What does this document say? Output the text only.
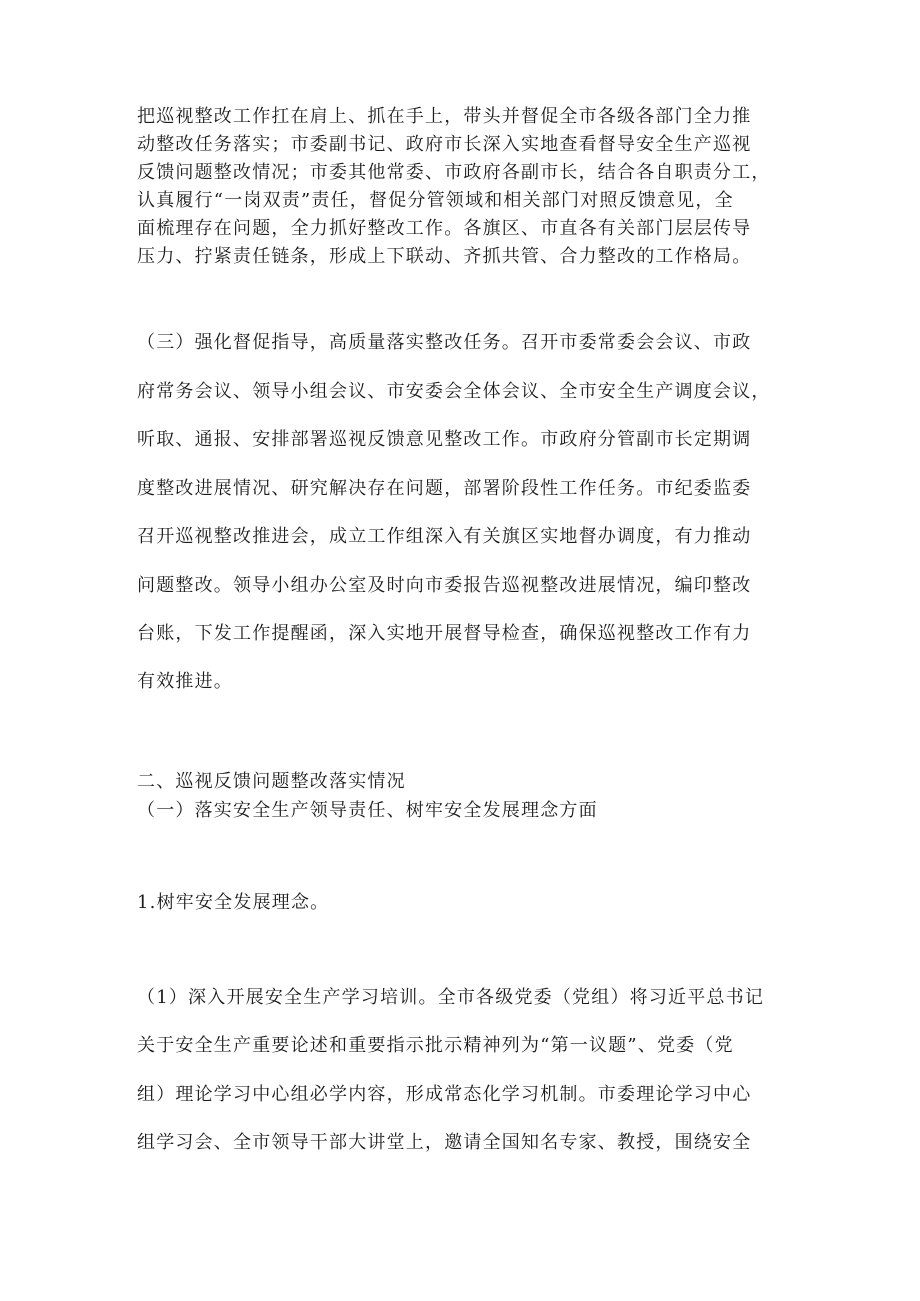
把巡视整改工作扛在肩上、抓在手上，带头并督促全市各级各部门全力推
动整改任务落实；市委副书记、政府市长深入实地查看督导安全生产巡视
反馈问题整改情况；市委其他常委、市政府各副市长，结合各自职责分工，
认真履行“一岗双责”责任，督促分管领域和相关部门对照反馈意见，全
面梳理存在问题，全力抓好整改工作。各旗区、市直各有关部门层层传导
压力、拧紧责任链条，形成上下联动、齐抓共管、合力整改的工作格局。
（三）强化督促指导，高质量落实整改任务。召开市委常委会会议、市政
府常务会议、领导小组会议、市安委会全体会议、全市安全生产调度会议，
听取、通报、安排部署巡视反馈意见整改工作。市政府分管副市长定期调
度整改进展情况、研究解决存在问题，部署阶段性工作任务。市纪委监委
召开巡视整改推进会，成立工作组深入有关旗区实地督办调度，有力推动
问题整改。领导小组办公室及时向市委报告巡视整改进展情况，编印整改
台账，下发工作提醒函，深入实地开展督导检查，确保巡视整改工作有力
有效推进。
二、巡视反馈问题整改落实情况
（一）落实安全生产领导责任、树牢安全发展理念方面
1.树牢安全发展理念。
（1）深入开展安全生产学习培训。全市各级党委（党组）将习近平总书记
关于安全生产重要论述和重要指示批示精神列为“第一议题”、党委（党
组）理论学习中心组必学内容，形成常态化学习机制。市委理论学习中心
组学习会、全市领导干部大讲堂上，邀请全国知名专家、教授，围绕安全
